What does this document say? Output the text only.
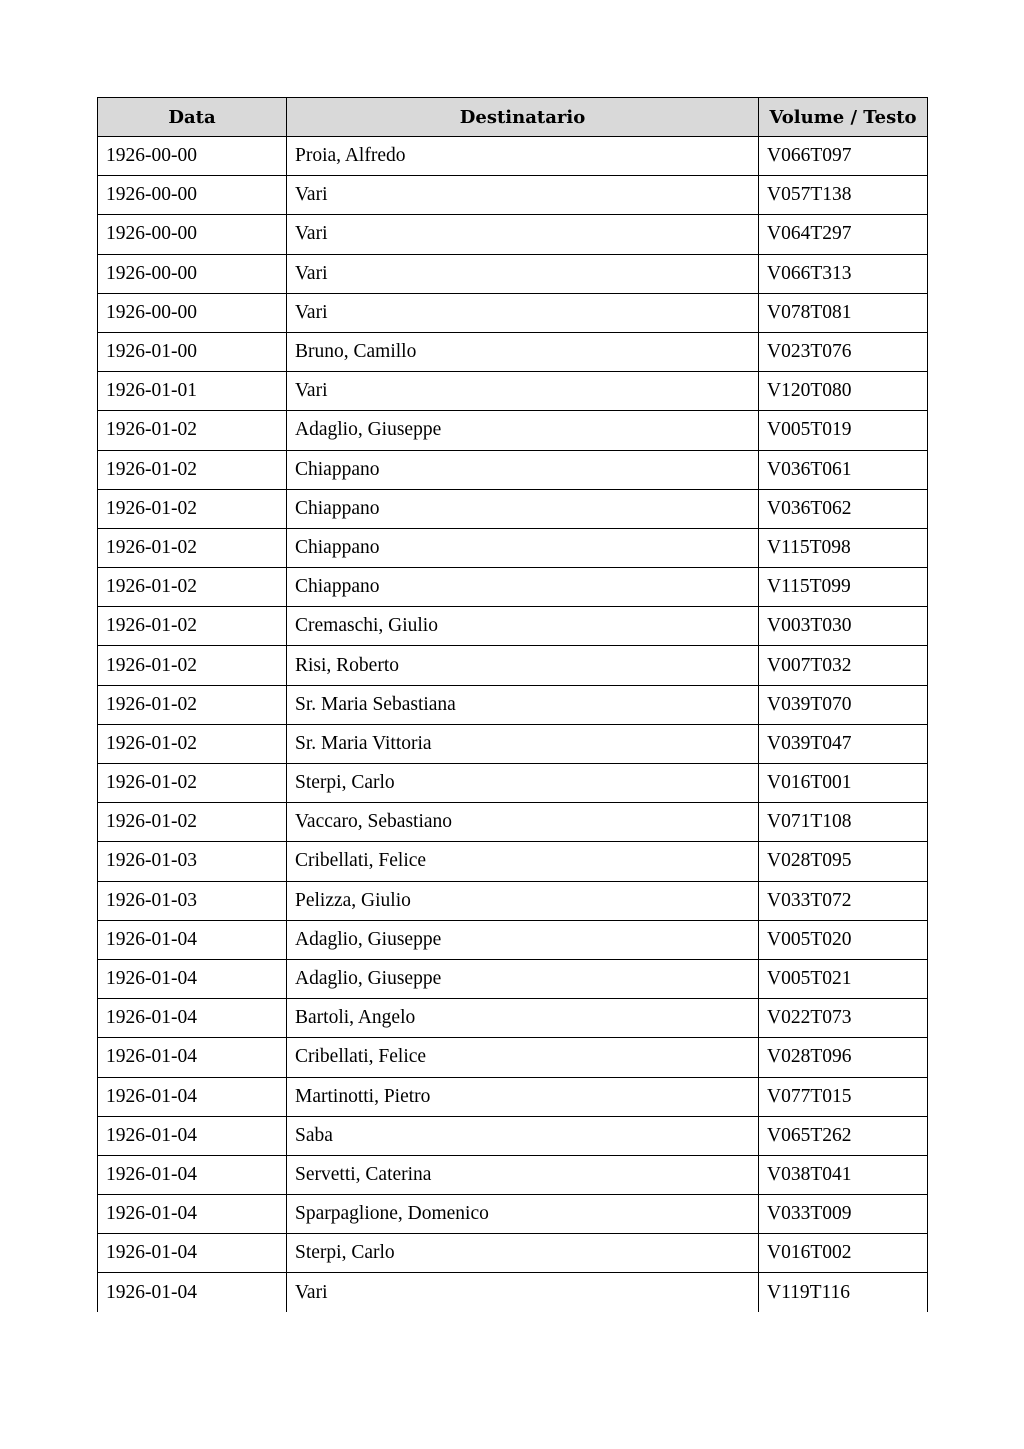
Data	Destinatario	Volume / Testo
1926-00-00	Proia, Alfredo	V066T097
1926-00-00	Vari	V057T138
1926-00-00	Vari	V064T297
1926-00-00	Vari	V066T313
1926-00-00	Vari	V078T081
1926-01-00	Bruno, Camillo	V023T076
1926-01-01	Vari	V120T080
1926-01-02	Adaglio, Giuseppe	V005T019
1926-01-02	Chiappano	V036T061
1926-01-02	Chiappano	V036T062
1926-01-02	Chiappano	V115T098
1926-01-02	Chiappano	V115T099
1926-01-02	Cremaschi, Giulio	V003T030
1926-01-02	Risi, Roberto	V007T032
1926-01-02	Sr. Maria Sebastiana	V039T070
1926-01-02	Sr. Maria Vittoria	V039T047
1926-01-02	Sterpi, Carlo	V016T001
1926-01-02	Vaccaro, Sebastiano	V071T108
1926-01-03	Cribellati, Felice	V028T095
1926-01-03	Pelizza, Giulio	V033T072
1926-01-04	Adaglio, Giuseppe	V005T020
1926-01-04	Adaglio, Giuseppe	V005T021
1926-01-04	Bartoli, Angelo	V022T073
1926-01-04	Cribellati, Felice	V028T096
1926-01-04	Martinotti, Pietro	V077T015
1926-01-04	Saba	V065T262
1926-01-04	Servetti, Caterina	V038T041
1926-01-04	Sparpaglione, Domenico	V033T009
1926-01-04	Sterpi, Carlo	V016T002
1926-01-04	Vari	V119T116
